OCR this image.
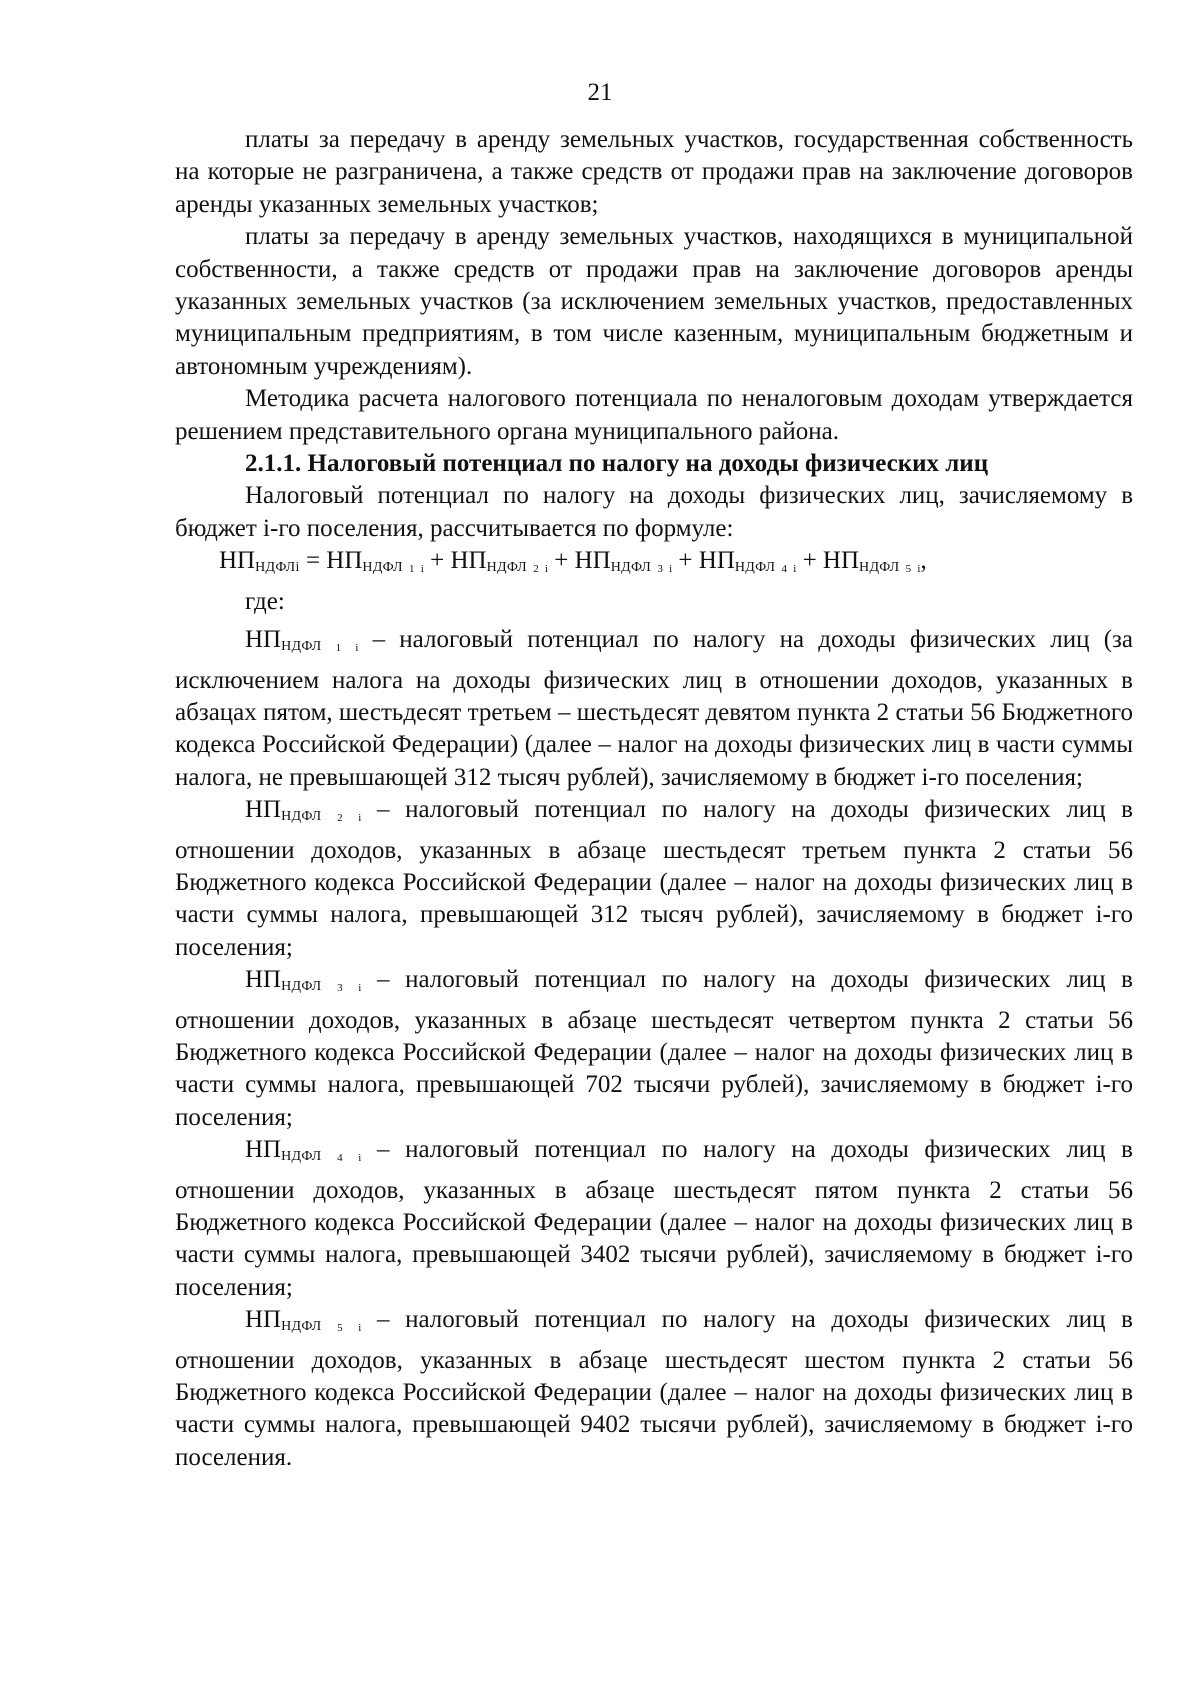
21

платы за передачу в аренду земельных участков, государственная собственность на которые не разграничена, а также средств от продажи прав на заключение договоров аренды указанных земельных участков;

платы за передачу в аренду земельных участков, находящихся в муниципальной собственности, а также средств от продажи прав на заключение договоров аренды указанных земельных участков (за исключением земельных участков, предоставленных муниципальным предприятиям, в том числе казенным, муниципальным бюджетным и автономным учреждениям).

Методика расчета налогового потенциала по неналоговым доходам утверждается решением представительного органа муниципального района.

2.1.1. Налоговый потенциал по налогу на доходы физических лиц

Налоговый потенциал по налогу на доходы физических лиц, зачисляемому в бюджет i-го поселения, рассчитывается по формуле:

$НП_{НДФЛi} = НП_{НДФЛ}$ 1 $i + НП_{НДФЛ}$ 2 $i + НП_{НДФЛ}$ 3 $i + НП_{НДФЛ}$ 4 $i + НП_{НДФЛ}$ 5 i,

где:

$НП_{НДФЛ}$ 1 i – налоговый потенциал по налогу на доходы физических лиц (за исключением налога на доходы физических лиц в отношении доходов, указанных в абзацах пятом, шестьдесят третьем – шестьдесят девятом пункта 2 статьи 56 Бюджетного кодекса Российской Федерации) (далее – налог на доходы физических лиц в части суммы налога, не превышающей 312 тысяч рублей), зачисляемому в бюджет i-го поселения;

$НП_{НДФЛ}$ 2 i – налоговый потенциал по налогу на доходы физических лиц в отношении доходов, указанных в абзаце шестьдесят третьем пункта 2 статьи 56 Бюджетного кодекса Российской Федерации (далее – налог на доходы физических лиц в части суммы налога, превышающей 312 тысяч рублей), зачисляемому в бюджет i-го поселения;

$НП_{НДФЛ}$ 3 i – налоговый потенциал по налогу на доходы физических лиц в отношении доходов, указанных в абзаце шестьдесят четвертом пункта 2 статьи 56 Бюджетного кодекса Российской Федерации (далее – налог на доходы физических лиц в части суммы налога, превышающей 702 тысячи рублей), зачисляемому в бюджет i-го поселения;

$НП_{НДФЛ}$ 4 i – налоговый потенциал по налогу на доходы физических лиц в отношении доходов, указанных в абзаце шестьдесят пятом пункта 2 статьи 56 Бюджетного кодекса Российской Федерации (далее – налог на доходы физических лиц в части суммы налога, превышающей 3402 тысячи рублей), зачисляемому в бюджет i-го поселения;

$НП_{НДФЛ}$ 5 i – налоговый потенциал по налогу на доходы физических лиц в отношении доходов, указанных в абзаце шестьдесят шестом пункта 2 статьи 56 Бюджетного кодекса Российской Федерации (далее – налог на доходы физических лиц в части суммы налога, превышающей 9402 тысячи рублей), зачисляемому в бюджет i-го поселения.
